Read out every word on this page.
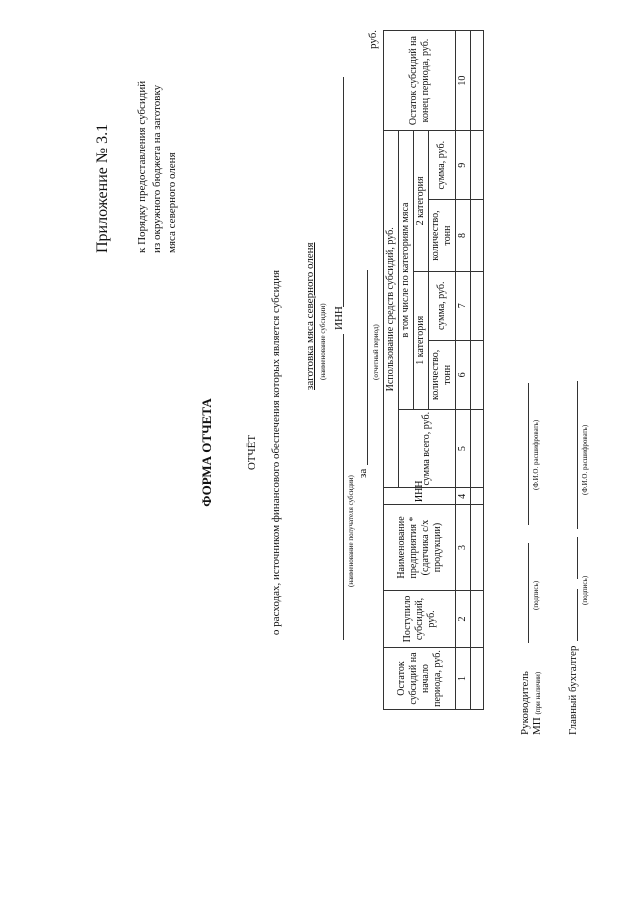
Приложение № 3.1 к Порядку предоставления субсидий из окружного бюджета на заготовку мяса северного оленя
ФОРМА ОТЧЕТА	ОТЧЁТ о расходах, источником финансового обеспечения которых является субсидия заготовка мяса северного оленя (наименование субсидии) ИНН
(наименование получателя субсидии)
за
(отчетный период)
руб.
Остаток субсидий на начало периода, руб.	Поступило субсидий, руб.	Наименование предприятия * (сдатчика с/х продукции)	ИНН	Использование средств субсидий, руб.					Остаток субсидий на конец периода, руб.
				сумма всего, руб.	в том числе по категориям мяса				
					1 категория		2 категория		
					количество, тонн	сумма, руб.	количество, тонн	сумма, руб.	
1	2	3	4	5	6	7	8	9	10

Руководитель МП (при наличии)
(подпись)
(Ф.И.О. расшифровать)
Главный бухгалтер
(подпись)
(Ф.И.О. расшифровать)
